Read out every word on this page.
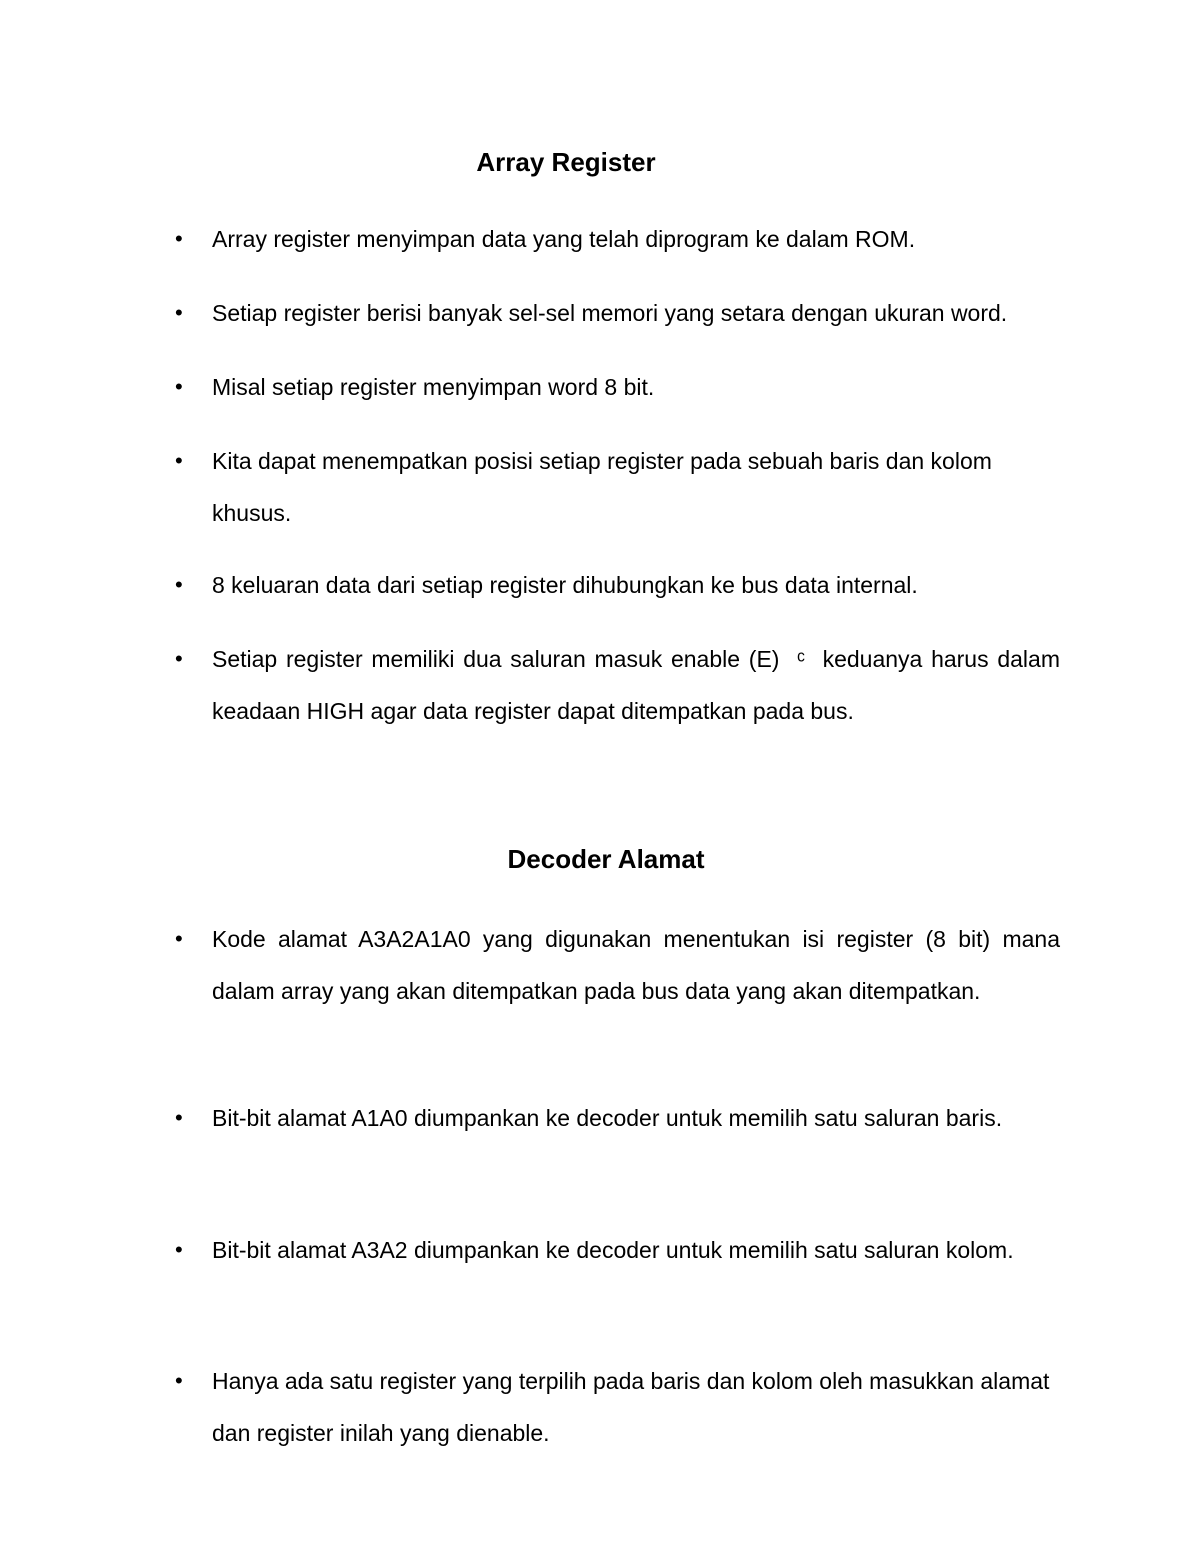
Array Register
• Array register menyimpan data yang telah diprogram ke dalam ROM.

• Setiap register berisi banyak sel-sel memori yang setara dengan ukuran word.

• Misal setiap register menyimpan word 8 bit.

• Kita dapat menempatkan posisi setiap register pada sebuah baris dan kolom khusus.

• 8 keluaran data dari setiap register dihubungkan ke bus data internal.

• Setiap register memiliki dua saluran masuk enable (E)  ᶜ  keduanya harus dalam keadaan HIGH agar data register dapat ditempatkan pada bus.

Decoder Alamat
• Kode alamat A3A2A1A0 yang digunakan menentukan isi register (8 bit) mana dalam array yang akan ditempatkan pada bus data yang akan ditempatkan.

• Bit-bit alamat A1A0 diumpankan ke decoder untuk memilih satu saluran baris.

• Bit-bit alamat A3A2 diumpankan ke decoder untuk memilih satu saluran kolom.

• Hanya ada satu register yang terpilih pada baris dan kolom oleh masukkan alamat dan register inilah yang dienable.
